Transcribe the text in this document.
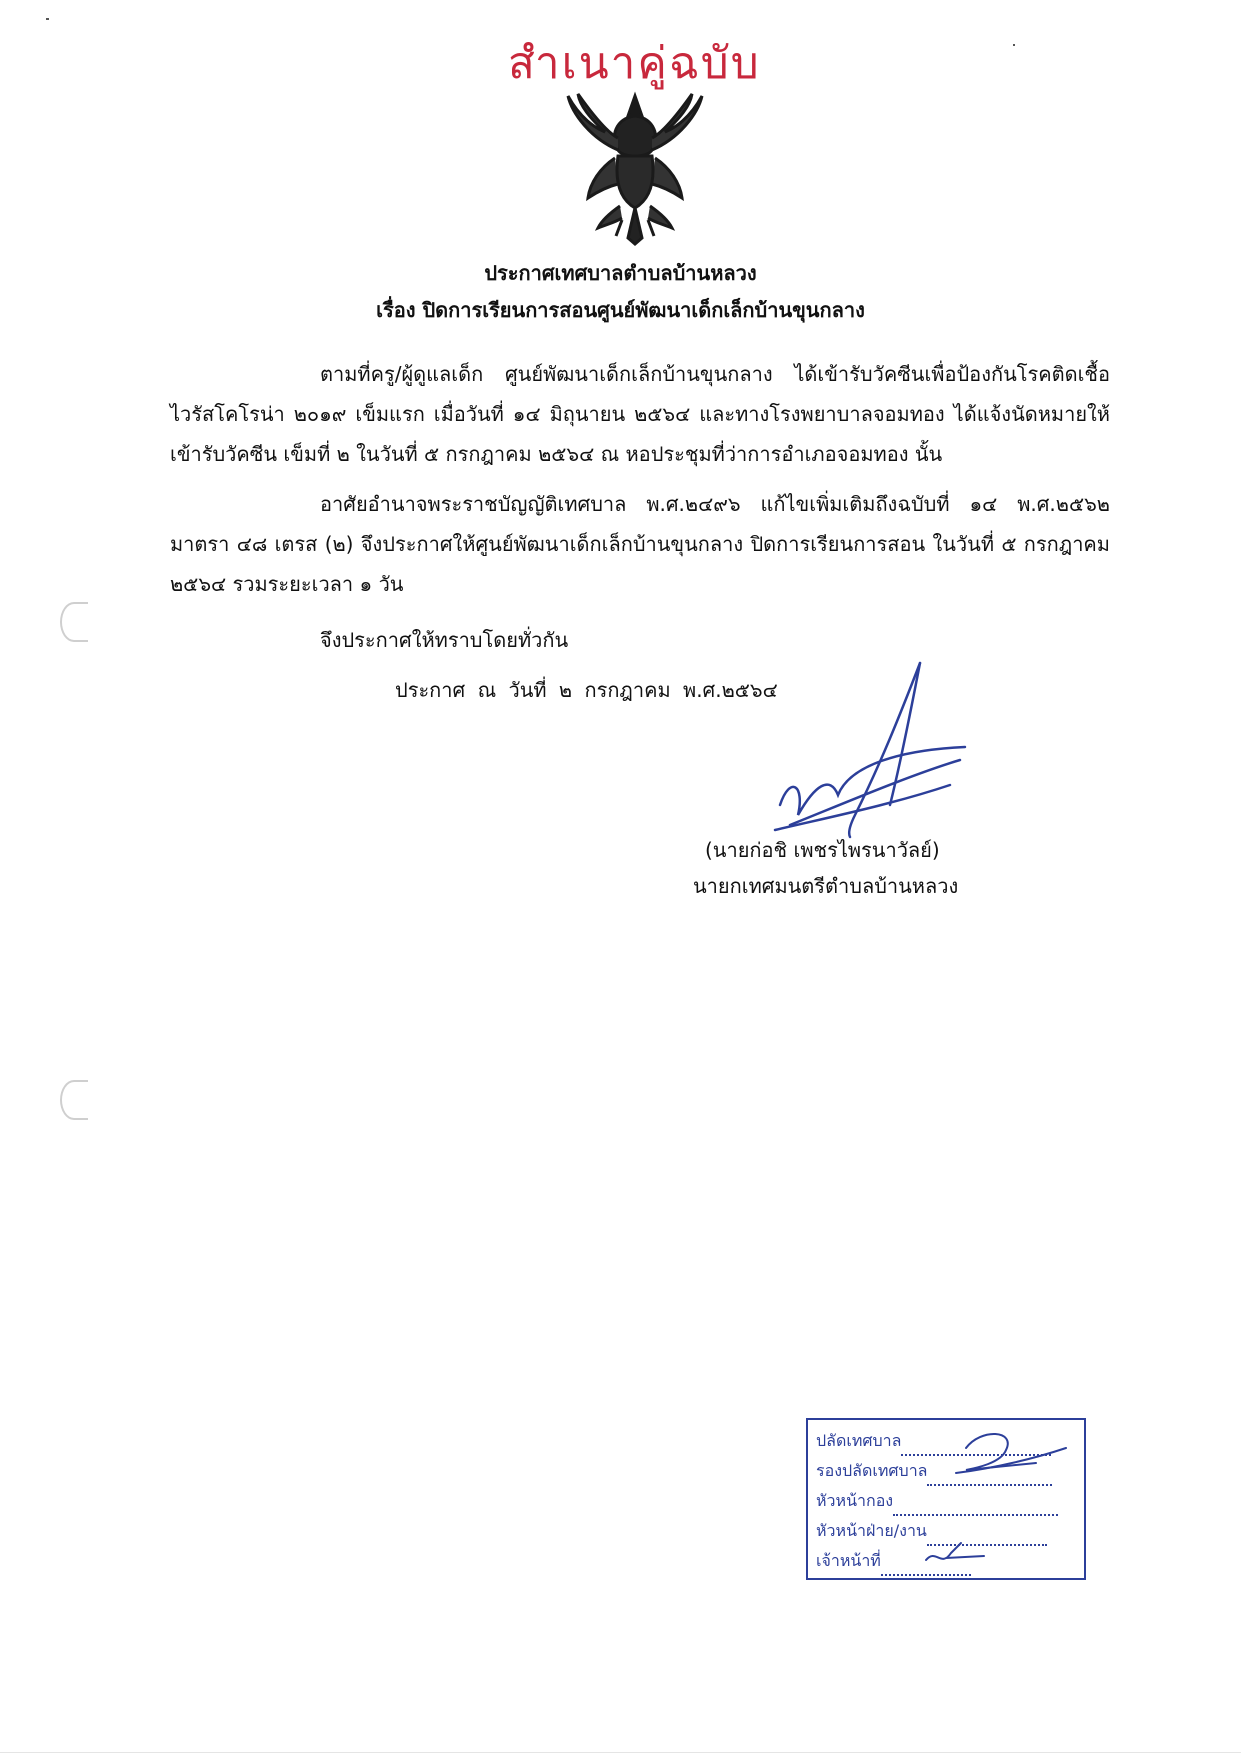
สำเนาคู่ฉบับ
ประกาศเทศบาลตำบลบ้านหลวง
เรื่อง ปิดการเรียนการสอนศูนย์พัฒนาเด็กเล็กบ้านขุนกลาง
ตามที่ครู/ผู้ดูแลเด็ก ศูนย์พัฒนาเด็กเล็กบ้านขุนกลาง ได้เข้ารับวัคซีนเพื่อป้องกันโรคติดเชื้อไวรัสโคโรน่า ๒๐๑๙ เข็มแรก เมื่อวันที่ ๑๔ มิถุนายน ๒๕๖๔ และทางโรงพยาบาลจอมทอง ได้แจ้งนัดหมายให้เข้ารับวัคซีน เข็มที่ ๒ ในวันที่ ๕ กรกฎาคม ๒๕๖๔ ณ หอประชุมที่ว่าการอำเภอจอมทอง นั้น
อาศัยอำนาจพระราชบัญญัติเทศบาล พ.ศ.๒๔๙๖ แก้ไขเพิ่มเติมถึงฉบับที่ ๑๔ พ.ศ.๒๕๖๒ มาตรา ๔๘ เตรส (๒) จึงประกาศให้ศูนย์พัฒนาเด็กเล็กบ้านขุนกลาง ปิดการเรียนการสอน ในวันที่ ๕ กรกฎาคม ๒๕๖๔ รวมระยะเวลา ๑ วัน
จึงประกาศให้ทราบโดยทั่วกัน
ประกาศ ณ วันที่ ๒ กรกฎาคม พ.ศ.๒๕๖๔
(นายก่อชิ เพชรไพรนาวัลย์)
นายกเทศมนตรีตำบลบ้านหลวง
ปลัดเทศบาล
รองปลัดเทศบาล
หัวหน้ากอง
หัวหน้าฝ่าย/งาน
เจ้าหน้าที่
